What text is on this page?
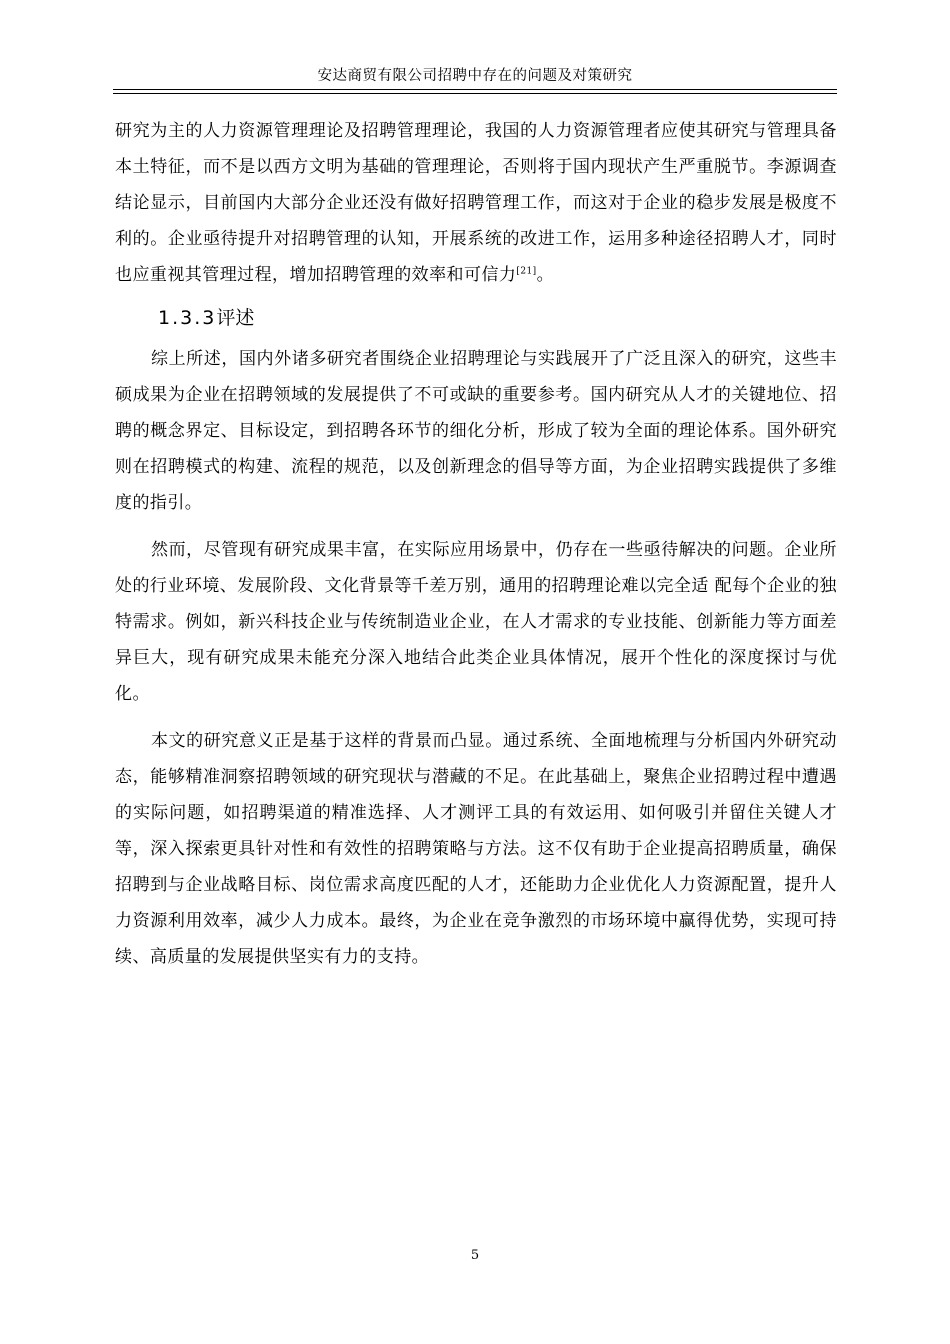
安达商贸有限公司招聘中存在的问题及对策研究

研究为主的人力资源管理理论及招聘管理理论，我国的人力资源管理者应使其研究与管理具备本土特征，而不是以西方文明为基础的管理理论，否则将于国内现状产生严重脱节。李源调查结论显示，目前国内大部分企业还没有做好招聘管理工作，而这对于企业的稳步发展是极度不利的。企业亟待提升对招聘管理的认知，开展系统的改进工作，运用多种途径招聘人才，同时也应重视其管理过程，增加招聘管理的效率和可信力[21]。

1.3.3评述

综上所述，国内外诸多研究者围绕企业招聘理论与实践展开了广泛且深入的研究，这些丰硕成果为企业在招聘领域的发展提供了不可或缺的重要参考。国内研究从人才的关键地位、招聘的概念界定、目标设定，到招聘各环节的细化分析，形成了较为全面的理论体系。国外研究则在招聘模式的构建、流程的规范，以及创新理念的倡导等方面，为企业招聘实践提供了多维度的指引。

然而，尽管现有研究成果丰富，在实际应用场景中，仍存在一些亟待解决的问题。企业所处的行业环境、发展阶段、文化背景等千差万别，通用的招聘理论难以完全适 配每个企业的独特需求。例如，新兴科技企业与传统制造业企业，在人才需求的专业技能、创新能力等方面差异巨大，现有研究成果未能充分深入地结合此类企业具体情况，展开个性化的深度探讨与优化。

本文的研究意义正是基于这样的背景而凸显。通过系统、全面地梳理与分析国内外研究动态，能够精准洞察招聘领域的研究现状与潜藏的不足。在此基础上，聚焦企业招聘过程中遭遇的实际问题，如招聘渠道的精准选择、人才测评工具的有效运用、如何吸引并留住关键人才等，深入探索更具针对性和有效性的招聘策略与方法。这不仅有助于企业提高招聘质量，确保招聘到与企业战略目标、岗位需求高度匹配的人才，还能助力企业优化人力资源配置，提升人力资源利用效率，减少人力成本。最终，为企业在竞争激烈的市场环境中赢得优势，实现可持续、高质量的发展提供坚实有力的支持。

5
